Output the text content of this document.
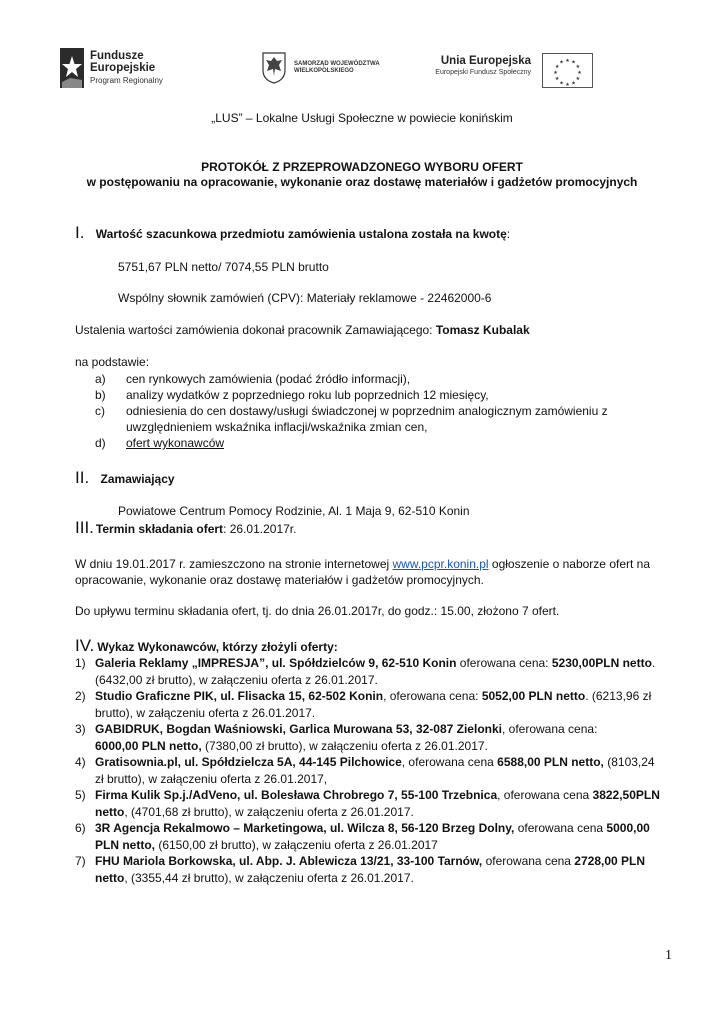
Fundusze
Europejskie
Program Regionalny
SAMORZĄD WOJEWÓDZTWA
WIELKOPOLSKIEGO
Unia Europejska
Europejski Fundusz Społeczny
★ ★
★
★
★
★
★
★
★
★
★
★
„LUS” – Lokalne Usługi Społeczne w powiecie konińskim
PROTOKÓŁ Z PRZEPROWADZONEGO WYBORU OFERT
w postępowaniu na opracowanie, wykonanie oraz dostawę materiałów i gadżetów promocyjnych
I. Wartość szacunkowa przedmiotu zamówienia ustalona została na kwotę:
5751,67 PLN netto/ 7074,55 PLN brutto
Wspólny słownik zamówień (CPV): Materiały reklamowe - 22462000-6
Ustalenia wartości zamówienia dokonał pracownik Zamawiającego: Tomasz Kubalak
na podstawie:
a) cen rynkowych zamówienia (podać źródło informacji),
b) analizy wydatków z poprzedniego roku lub poprzednich 12 miesięcy,
c) odniesienia do cen dostawy/usługi świadczonej w poprzednim analogicznym zamówieniu z
uwzględnieniem wskaźnika inflacji/wskaźnika zmian cen,
d) ofert wykonawców
II. Zamawiający
Powiatowe Centrum Pomocy Rodzinie, Al. 1 Maja 9, 62-510 Konin
III. Termin składania ofert: 26.01.2017r.
W dniu 19.01.2017 r. zamieszczono na stronie internetowej www.pcpr.konin.pl ogłoszenie o naborze ofert na
opracowanie, wykonanie oraz dostawę materiałów i gadżetów promocyjnych.
Do upływu terminu składania ofert, tj. do dnia 26.01.2017r, do godz.: 15.00, złożono 7 ofert.
IV. Wykaz Wykonawców, którzy złożyli oferty:
1) Galeria Reklamy „IMPRESJA”, ul. Spółdzielców 9, 62-510 Konin oferowana cena: 5230,00PLN netto.
(6432,00 zł brutto), w załączeniu oferta z 26.01.2017.
2) Studio Graficzne PIK, ul. Flisacka 15, 62-502 Konin, oferowana cena: 5052,00 PLN netto. (6213,96 zł
brutto), w załączeniu oferta z 26.01.2017.
3) GABIDRUK, Bogdan Waśniowski, Garlica Murowana 53, 32-087 Zielonki, oferowana cena:
6000,00 PLN netto, (7380,00 zł brutto), w załączeniu oferta z 26.01.2017.
4) Gratisownia.pl, ul. Spółdzielcza 5A, 44-145 Pilchowice, oferowana cena 6588,00 PLN netto, (8103,24
zł brutto), w załączeniu oferta z 26.01.2017,
5) Firma Kulik Sp.j./AdVeno, ul. Bolesława Chrobrego 7, 55-100 Trzebnica, oferowana cena 3822,50PLN
netto, (4701,68 zł brutto), w załączeniu oferta z 26.01.2017.
6) 3R Agencja Rekalmowo – Marketingowa, ul. Wilcza 8, 56-120 Brzeg Dolny, oferowana cena 5000,00
PLN netto, (6150,00 zł brutto), w załączeniu oferta z 26.01.2017
7) FHU Mariola Borkowska, ul. Abp. J. Ablewicza 13/21, 33-100 Tarnów, oferowana cena 2728,00 PLN
netto, (3355,44 zł brutto), w załączeniu oferta z 26.01.2017.
1
